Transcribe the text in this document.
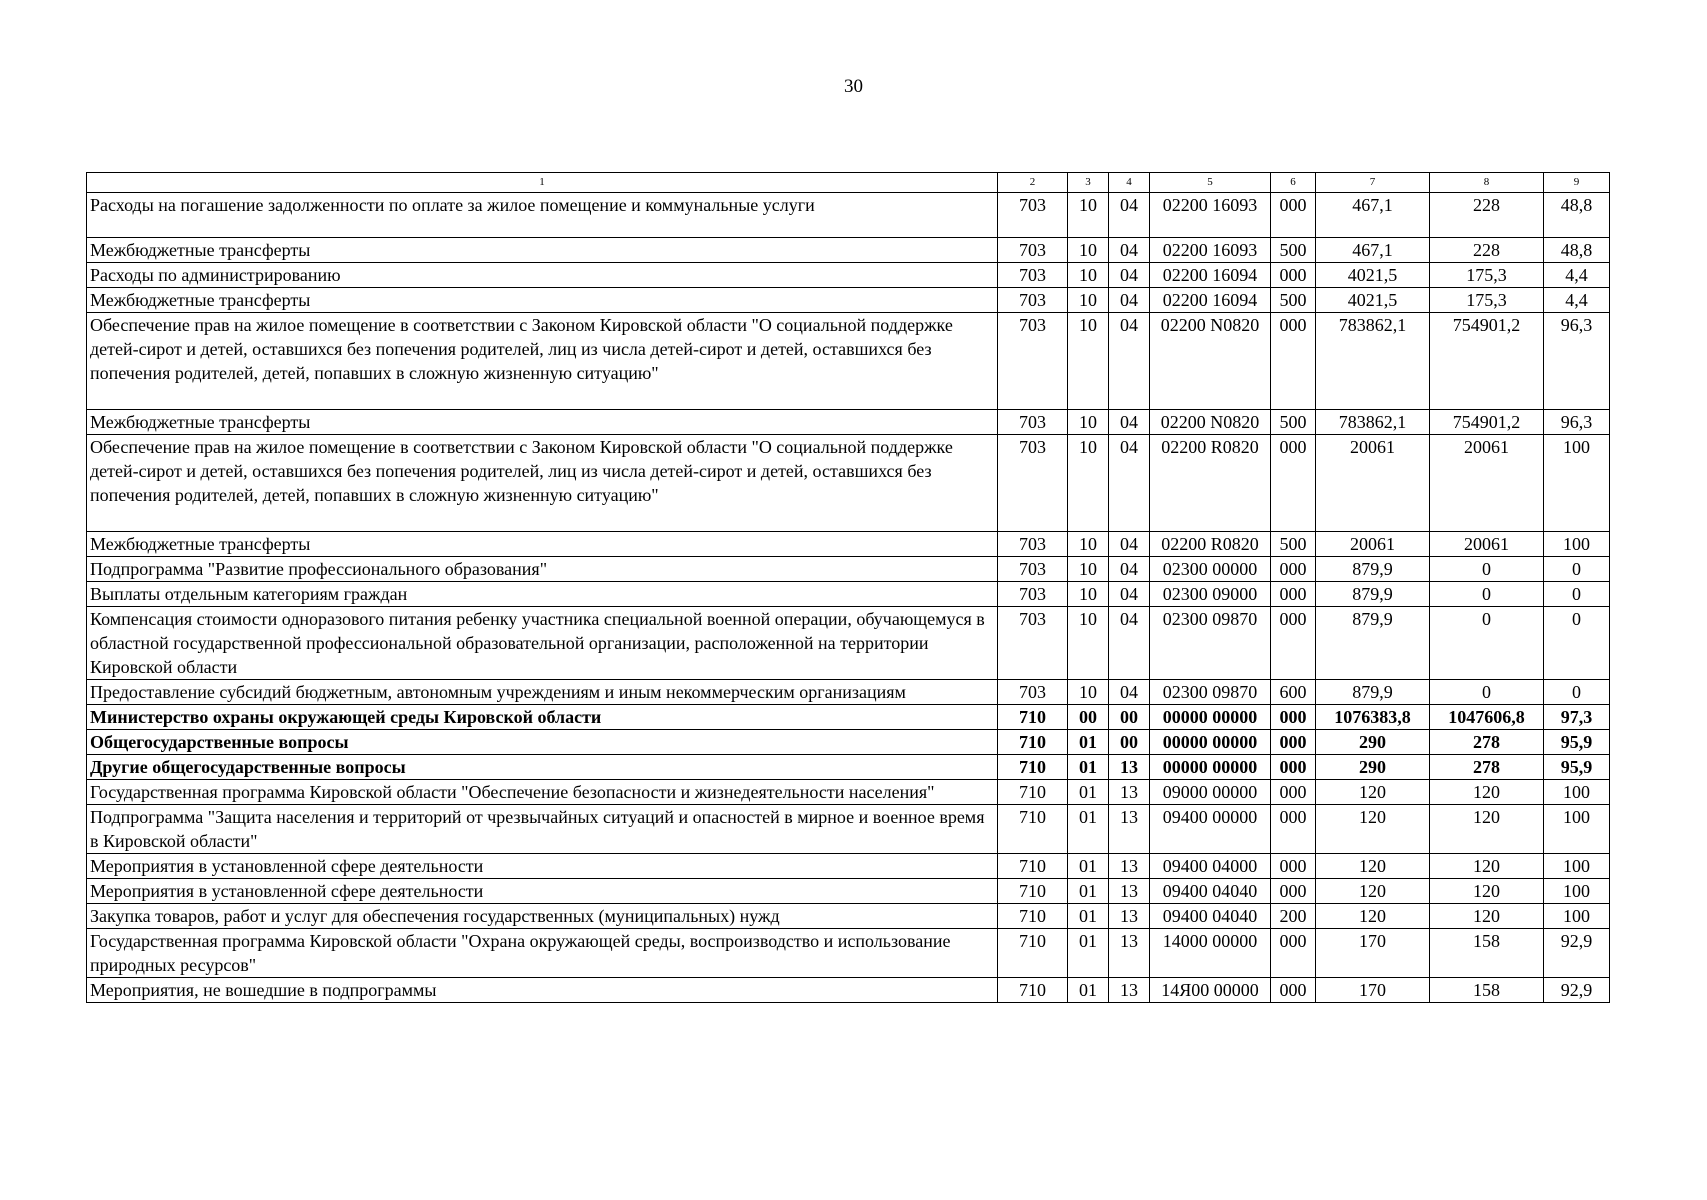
30
1	2	3	4	5	6	7	8	9
Расходы на погашение задолженности по оплате за жилое помещение и коммунальные услуги	703	10	04	02200 16093	000	467,1	228	48,8
Межбюджетные трансферты	703	10	04	02200 16093	500	467,1	228	48,8
Расходы по администрированию	703	10	04	02200 16094	000	4021,5	175,3	4,4
Межбюджетные трансферты	703	10	04	02200 16094	500	4021,5	175,3	4,4
Обеспечение прав на жилое помещение в соответствии с Законом Кировской области "О социальной поддержке детей-сирот и детей, оставшихся без попечения родителей, лиц из числа детей-сирот и детей, оставшихся без попечения родителей, детей, попавших в сложную жизненную ситуацию"	703	10	04	02200 N0820	000	783862,1	754901,2	96,3
Межбюджетные трансферты	703	10	04	02200 N0820	500	783862,1	754901,2	96,3
Обеспечение прав на жилое помещение в соответствии с Законом Кировской области "О социальной поддержке детей-сирот и детей, оставшихся без попечения родителей, лиц из числа детей-сирот и детей, оставшихся без попечения родителей, детей, попавших в сложную жизненную ситуацию"	703	10	04	02200 R0820	000	20061	20061	100
Межбюджетные трансферты	703	10	04	02200 R0820	500	20061	20061	100
Подпрограмма "Развитие профессионального образования"	703	10	04	02300 00000	000	879,9	0	0
Выплаты отдельным категориям граждан	703	10	04	02300 09000	000	879,9	0	0
Компенсация стоимости одноразового питания ребенку участника специальной военной операции, обучающемуся в областной государственной профессиональной образовательной организации, расположенной на территории Кировской области	703	10	04	02300 09870	000	879,9	0	0
Предоставление субсидий бюджетным, автономным учреждениям и иным некоммерческим организациям	703	10	04	02300 09870	600	879,9	0	0
Министерство охраны окружающей среды Кировской области	710	00	00	00000 00000	000	1076383,8	1047606,8	97,3
Общегосударственные вопросы	710	01	00	00000 00000	000	290	278	95,9
Другие общегосударственные вопросы	710	01	13	00000 00000	000	290	278	95,9
Государственная программа Кировской области "Обеспечение безопасности и жизнедеятельности населения"	710	01	13	09000 00000	000	120	120	100
Подпрограмма "Защита населения и территорий от чрезвычайных ситуаций и опасностей в мирное и военное время в Кировской области"	710	01	13	09400 00000	000	120	120	100
Мероприятия в установленной сфере деятельности	710	01	13	09400 04000	000	120	120	100
Мероприятия в установленной сфере деятельности	710	01	13	09400 04040	000	120	120	100
Закупка товаров, работ и услуг для обеспечения государственных (муниципальных) нужд	710	01	13	09400 04040	200	120	120	100
Государственная программа Кировской области "Охрана окружающей среды, воспроизводство и использование природных ресурсов"	710	01	13	14000 00000	000	170	158	92,9
Мероприятия, не вошедшие в подпрограммы	710	01	13	14Я00 00000	000	170	158	92,9
